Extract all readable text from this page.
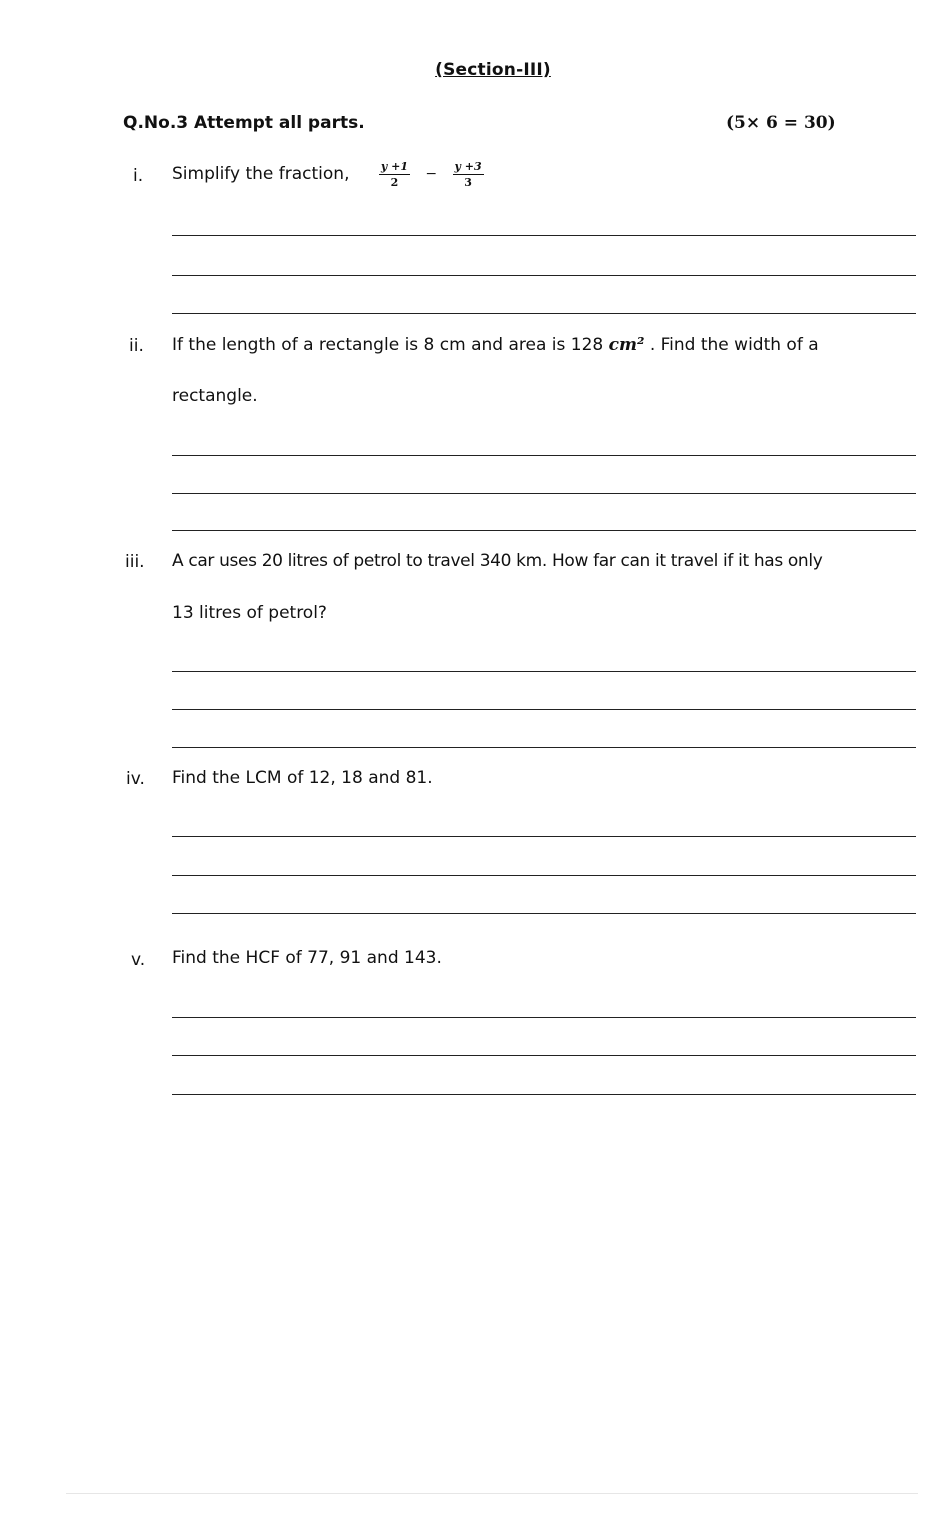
(Section-III)
Q.No.3 Attempt all parts.	(5× 6 = 30)
i.	Simplify the fraction,	$\frac{y +1}{2} - \frac{y +3}{3}$
ii.	If the length of a rectangle is 8 cm and area is 128 cm² . Find the width of a
rectangle.
iii.	A car uses 20 litres of petrol to travel 340 km. How far can it travel if it has only
13 litres of petrol?
iv.	Find the LCM of 12, 18 and 81.
v.	Find the HCF of 77, 91 and 143.
